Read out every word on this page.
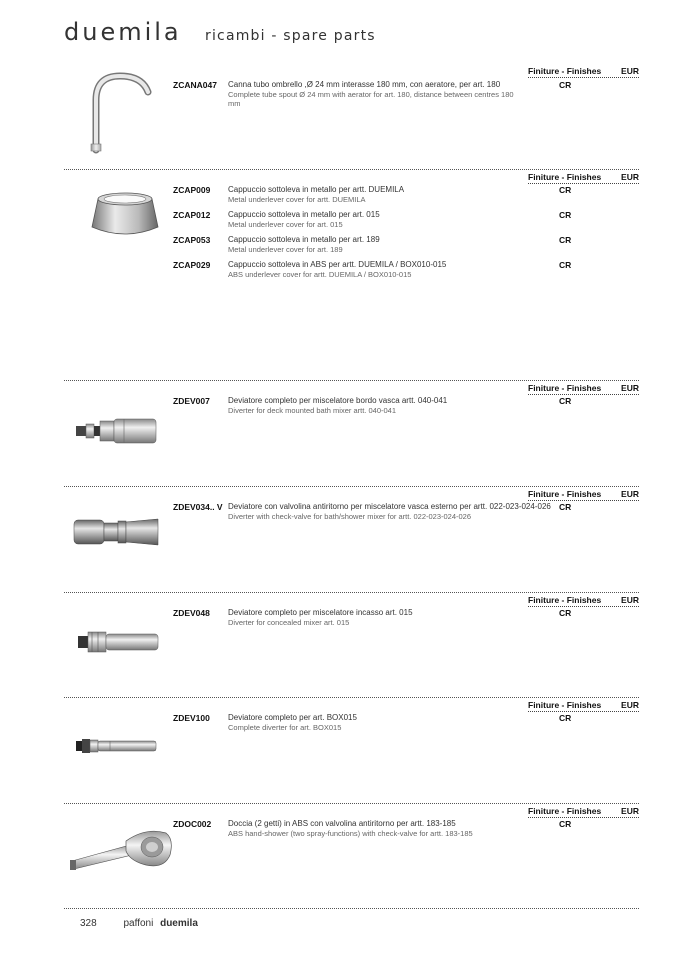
duemila ricambi - spare parts
Finiture - Finishes EUR

ZCANA047 Canna tubo ombrello ,Ø 24 mm interasse 180 mm, con aeratore, per art. 180
Complete tube spout Ø 24 mm with aerator for art. 180, distance between centres 180 mm
CR
Finiture - Finishes EUR

ZCAP009 Cappuccio sottoleva in metallo per artt. DUEMILA
Metal underlever cover for artt. DUEMILA
CR
ZCAP012 Cappuccio sottoleva in metallo per art. 015
Metal underlever cover for art. 015
CR
ZCAP053 Cappuccio sottoleva in metallo per art. 189
Metal underlever cover for art. 189
CR
ZCAP029 Cappuccio sottoleva in ABS per artt. DUEMILA / BOX010-015
ABS underlever cover for artt. DUEMILA / BOX010-015
CR
Finiture - Finishes EUR

ZDEV007 Deviatore completo per miscelatore bordo vasca artt. 040-041
Diverter for deck mounted bath mixer artt. 040-041
CR
Finiture - Finishes EUR

ZDEV034.. V Deviatore con valvolina antiritorno per miscelatore vasca esterno per artt. 022-023-024-026
Diverter with check-valve for bath/shower mixer for artt. 022-023-024-026
CR
Finiture - Finishes EUR

ZDEV048 Deviatore completo per miscelatore incasso art. 015
Diverter for concealed mixer art. 015
CR
Finiture - Finishes EUR

ZDEV100 Deviatore completo per art. BOX015
Complete diverter for art. BOX015
CR
Finiture - Finishes EUR

ZDOC002 Doccia (2 getti) in ABS con valvolina antiritorno per artt. 183-185
ABS hand-shower (two spray-functions) with check-valve for artt. 183-185
CR
328	paffoni duemila
